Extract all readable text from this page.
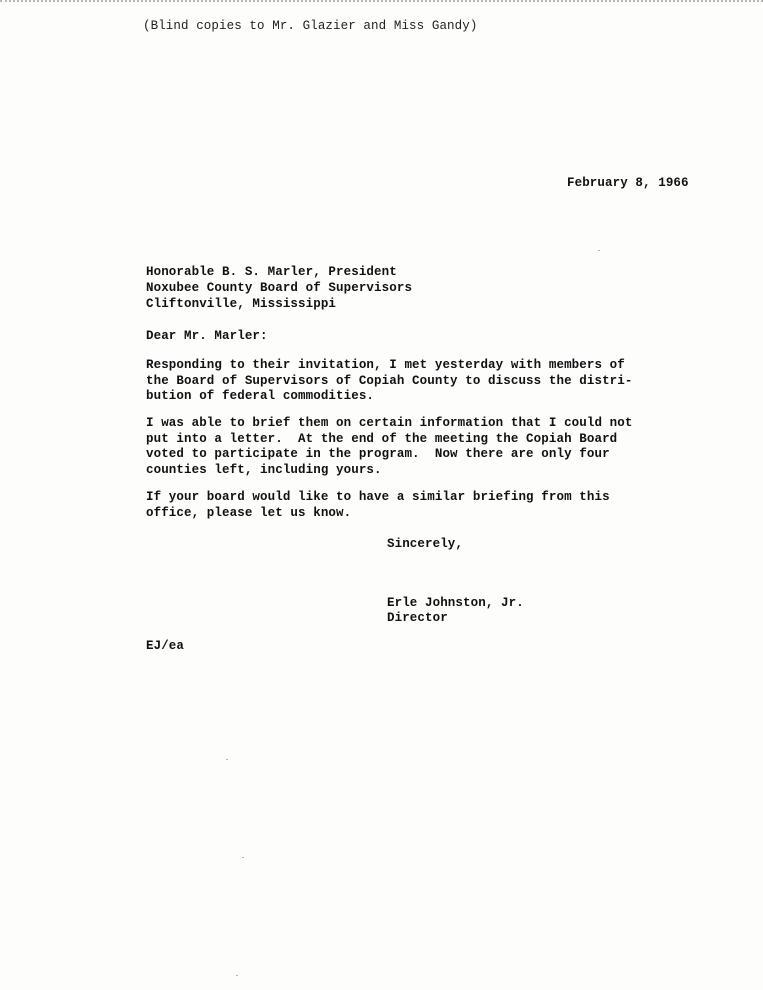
(Blind copies to Mr. Glazier and Miss Gandy)
February 8, 1966
Honorable B. S. Marler, President
Noxubee County Board of Supervisors
Cliftonville, Mississippi
Dear Mr. Marler:
Responding to their invitation, I met yesterday with members of
the Board of Supervisors of Copiah County to discuss the distri-
bution of federal commodities.
I was able to brief them on certain information that I could not
put into a letter.  At the end of the meeting the Copiah Board
voted to participate in the program.  Now there are only four
counties left, including yours.
If your board would like to have a similar briefing from this
office, please let us know.
Sincerely,
Erle Johnston, Jr.
Director
EJ/ea
